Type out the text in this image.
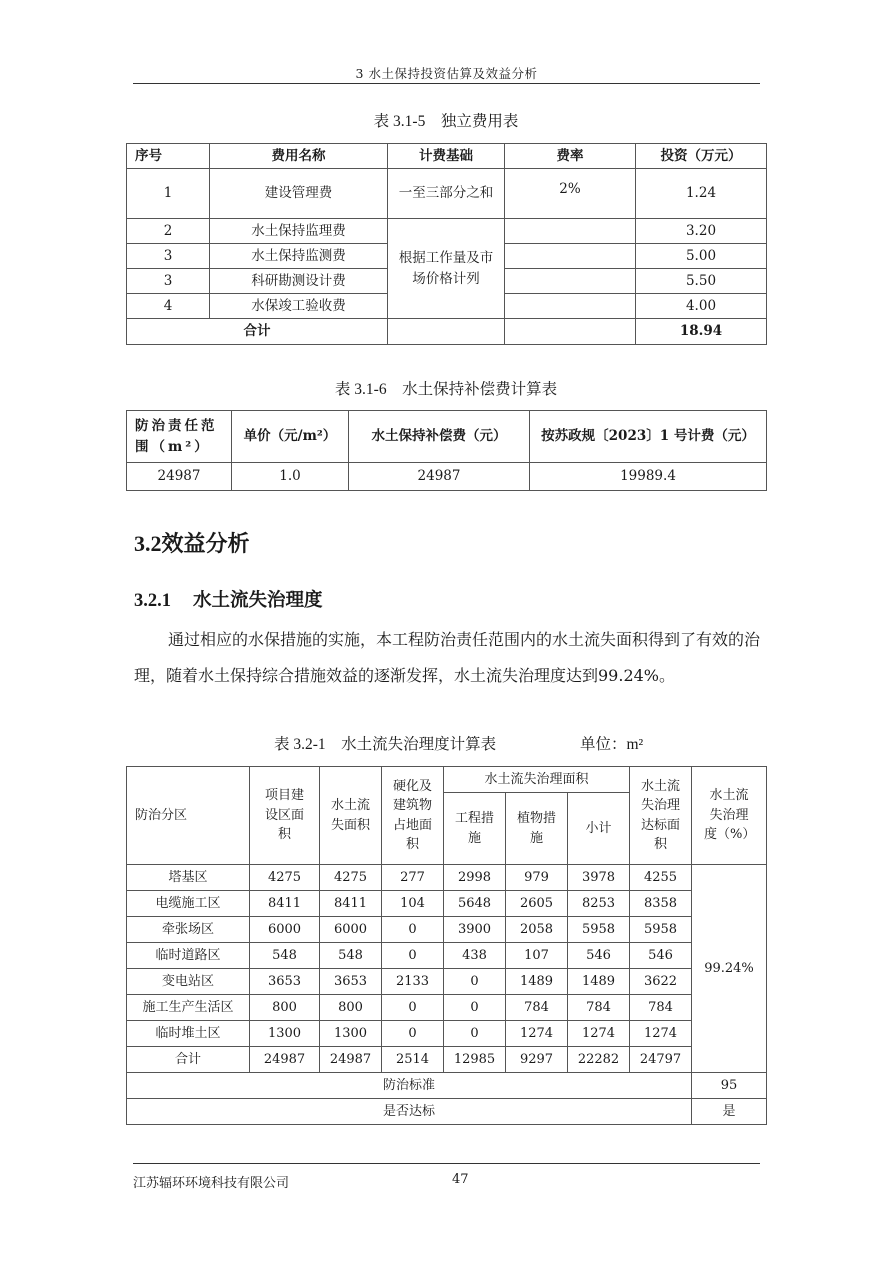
3 水土保持投资估算及效益分析
表 3.1-5　独立费用表
序号	费用名称	计费基础	费率	投资（万元）
1	建设管理费	一至三部分之和	2%	1.24
2	水土保持监理费	根据工作量及市场价格计列		3.20
3	水土保持监测费			5.00
3	科研勘测设计费			5.50
4	水保竣工验收费			4.00
合计				18.94
表 3.1-6　水土保持补偿费计算表
防治责任范围（m²）	单价（元/m²）	水土保持补偿费（元）	按苏政规〔2023〕1 号计费（元）
24987	1.0	24987	19989.4
3.2效益分析
3.2.1 水土流失治理度
通过相应的水保措施的实施，本工程防治责任范围内的水土流失面积得到了有效的治理，随着水土保持综合措施效益的逐渐发挥，水土流失治理度达到99.24%。
表 3.2-1　水土流失治理度计算表	单位：m²
防治分区	项目建设区面积	水土流失面积	硬化及建筑物占地面积	水土流失治理面积			水土流失治理达标面积	水土流失治理度（%）
				工程措施	植物措施	小计		
塔基区	4275	4275	277	2998	979	3978	4255	99.24%
电缆施工区	8411	8411	104	5648	2605	8253	8358	
牵张场区	6000	6000	0	3900	2058	5958	5958	
临时道路区	548	548	0	438	107	546	546	
变电站区	3653	3653	2133	0	1489	1489	3622	
施工生产生活区	800	800	0	0	784	784	784	
临时堆土区	1300	1300	0	0	1274	1274	1274	
合计	24987	24987	2514	12985	9297	22282	24797	
防治标准								95
是否达标								是
江苏辐环环境科技有限公司	47
